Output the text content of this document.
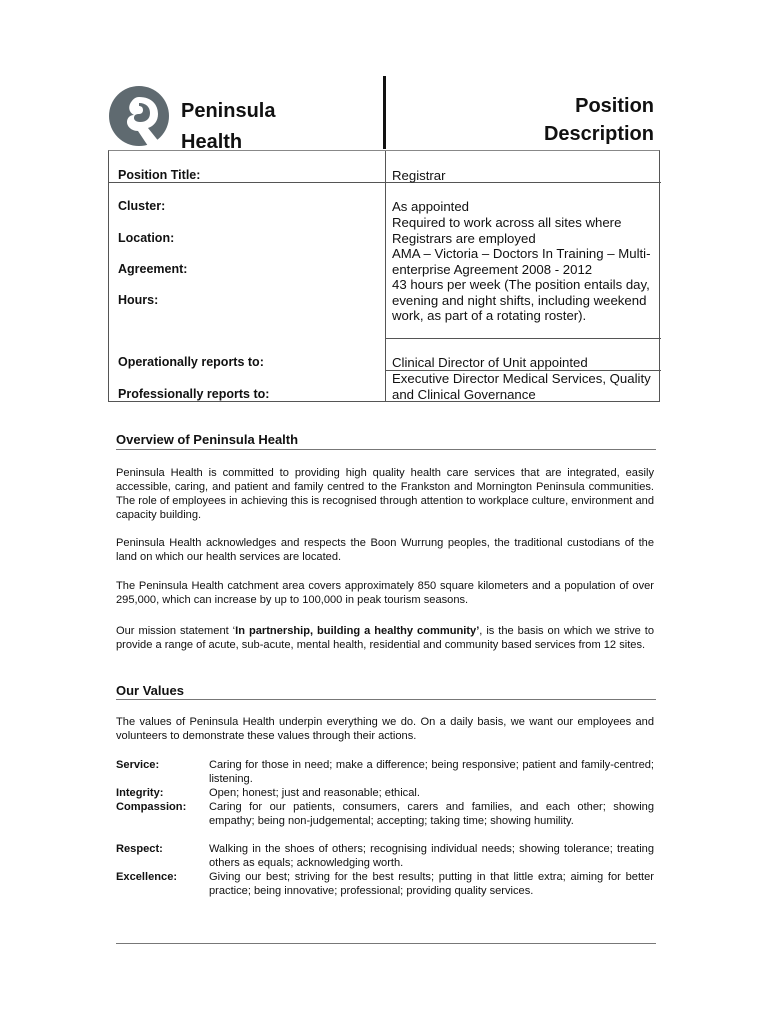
Peninsula
Health
Position
Description
Position Title:	Registrar
Cluster:	As appointed
Location:
Required to work across all sites where Registrars are employed
Agreement:
AMA – Victoria – Doctors In Training – Multi-enterprise Agreement 2008 - 2012
Hours:
43 hours per week (The position entails day, evening and night shifts, including weekend work, as part of a rotating roster).
Operationally reports to:	Clinical Director of Unit appointed
Professionally reports to:
Executive Director Medical Services, Quality and Clinical Governance
Overview of Peninsula Health
Peninsula Health is committed to providing high quality health care services that are integrated, easily accessible, caring, and patient and family centred to the Frankston and Mornington Peninsula communities. The role of employees in achieving this is recognised through attention to workplace culture, environment and capacity building.
Peninsula Health acknowledges and respects the Boon Wurrung peoples, the traditional custodians of the land on which our health services are located.
The Peninsula Health catchment area covers approximately 850 square kilometers and a population of over 295,000, which can increase by up to 100,000 in peak tourism seasons.
Our mission statement ‘In partnership, building a healthy community’, is the basis on which we strive to provide a range of acute, sub-acute, mental health, residential and community based services from 12 sites.
Our Values
The values of Peninsula Health underpin everything we do. On a daily basis, we want our employees and volunteers to demonstrate these values through their actions.
Service:	Caring for those in need; make a difference; being responsive; patient and family-centred; listening.
Integrity:	Open; honest; just and reasonable; ethical.
Compassion: Caring for our patients, consumers, carers and families, and each other; showing empathy; being non-judgemental; accepting; taking time; showing humility.
Respect:	Walking in the shoes of others; recognising individual needs; showing tolerance; treating others as equals; acknowledging worth.
Excellence:	Giving our best; striving for the best results; putting in that little extra; aiming for better practice; being innovative; professional; providing quality services.
